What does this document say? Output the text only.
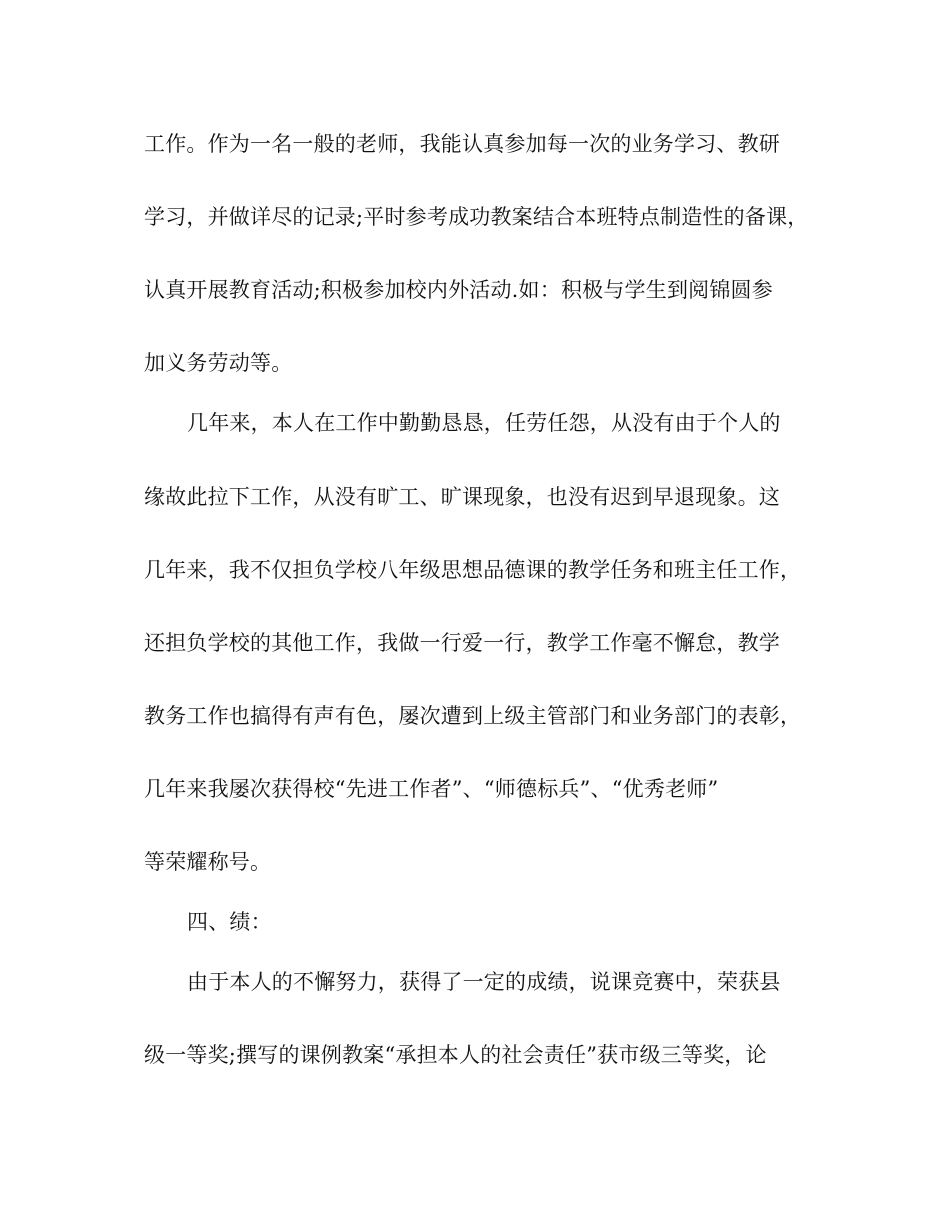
工作。作为一名一般的老师，我能认真参加每一次的业务学习、教研
学习，并做详尽的记录;平时参考成功教案结合本班特点制造性的备课，
认真开展教育活动;积极参加校内外活动.如：积极与学生到阅锦圆参
加义务劳动等。
几年来，本人在工作中勤勤恳恳，任劳任怨，从没有由于个人的
缘故此拉下工作，从没有旷工、旷课现象，也没有迟到早退现象。这
几年来，我不仅担负学校八年级思想品德课的教学任务和班主任工作，
还担负学校的其他工作，我做一行爱一行，教学工作毫不懈怠，教学
教务工作也搞得有声有色，屡次遭到上级主管部门和业务部门的表彰，
几年来我屡次获得校“先进工作者”、“师德标兵”、“优秀老师”
等荣耀称号。
四、绩：
由于本人的不懈努力，获得了一定的成绩，说课竞赛中，荣获县
级一等奖;撰写的课例教案“承担本人的社会责任”获市级三等奖，论
